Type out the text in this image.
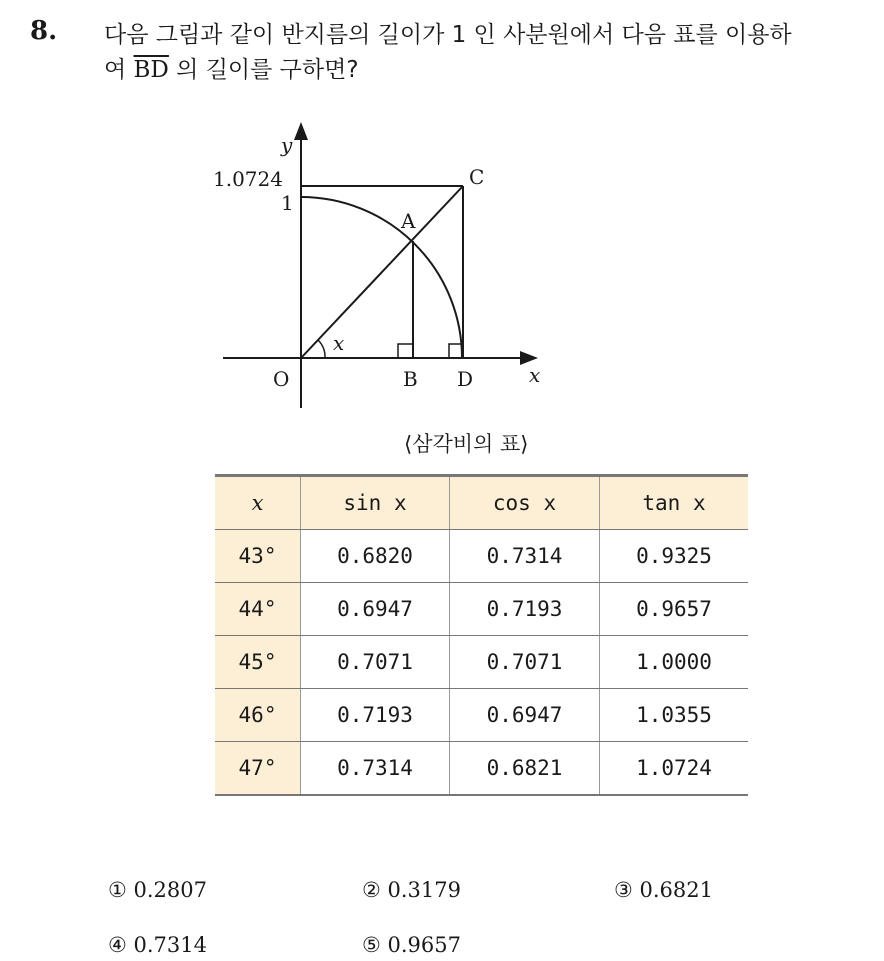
8. 다음 그림과 같이 반지름의 길이가 1 인 사분원에서 다음 표를 이용하
여 $\overline{BD}$ 의 길이를 구하면?
y
x
1.0724
1
C
A
x
O	B D
⟨삼각비의 표⟩
x	sin x	cos x	tan x
43°	0.6820	0.7314	0.9325
44°	0.6947	0.7193	0.9657
45°	0.7071	0.7071	1.0000
46°	0.7193	0.6947	1.0355
47°	0.7314	0.6821	1.0724
① 0.2807	② 0.3179	③ 0.6821
④ 0.7314	⑤ 0.9657
